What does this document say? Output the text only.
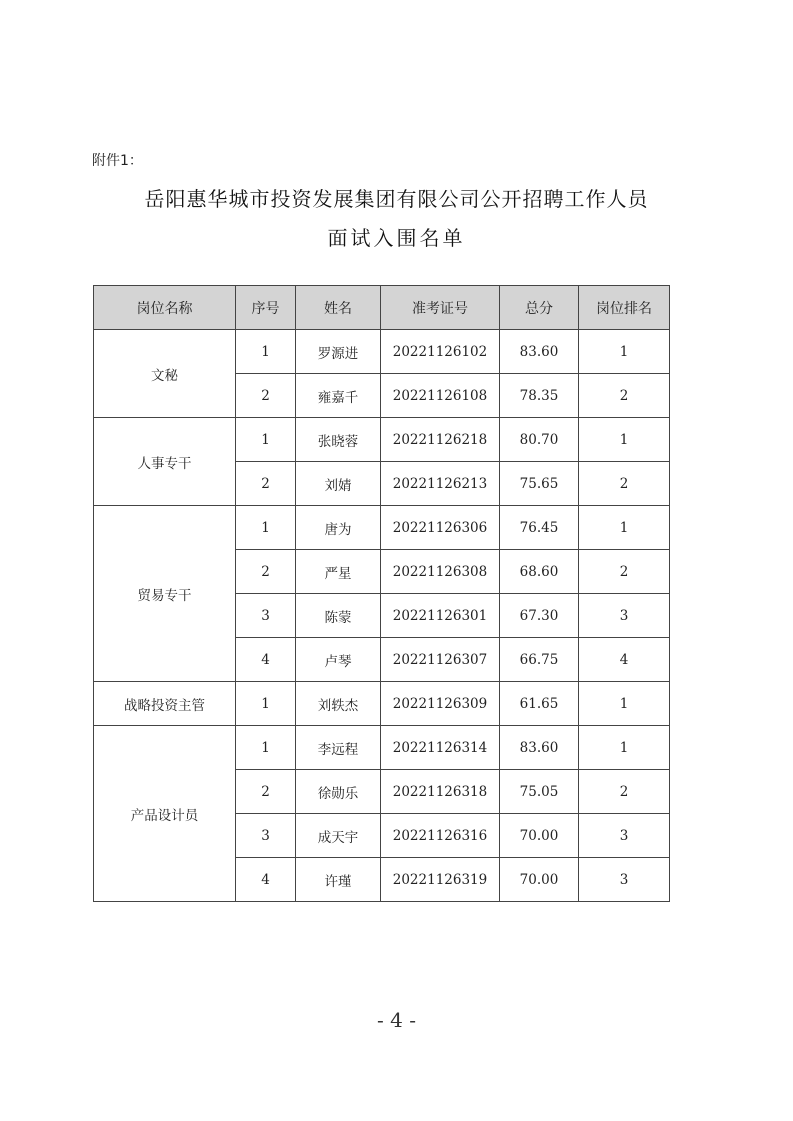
附件1：
岳阳惠华城市投资发展集团有限公司公开招聘工作人员
面试入围名单
岗位名称	序号	姓名	准考证号	总分	岗位排名
文秘	1	罗源进	20221126102	83.60	1
	2	雍嘉千	20221126108	78.35	2
人事专干	1	张晓蓉	20221126218	80.70	1
	2	刘婧	20221126213	75.65	2
贸易专干	1	唐为	20221126306	76.45	1
	2	严星	20221126308	68.60	2
	3	陈蒙	20221126301	67.30	3
	4	卢琴	20221126307	66.75	4
战略投资主管	1	刘轶杰	20221126309	61.65	1
产品设计员	1	李远程	20221126314	83.60	1
	2	徐勋乐	20221126318	75.05	2
	3	成天宇	20221126316	70.00	3
	4	许瑾	20221126319	70.00	3
- 4 -
